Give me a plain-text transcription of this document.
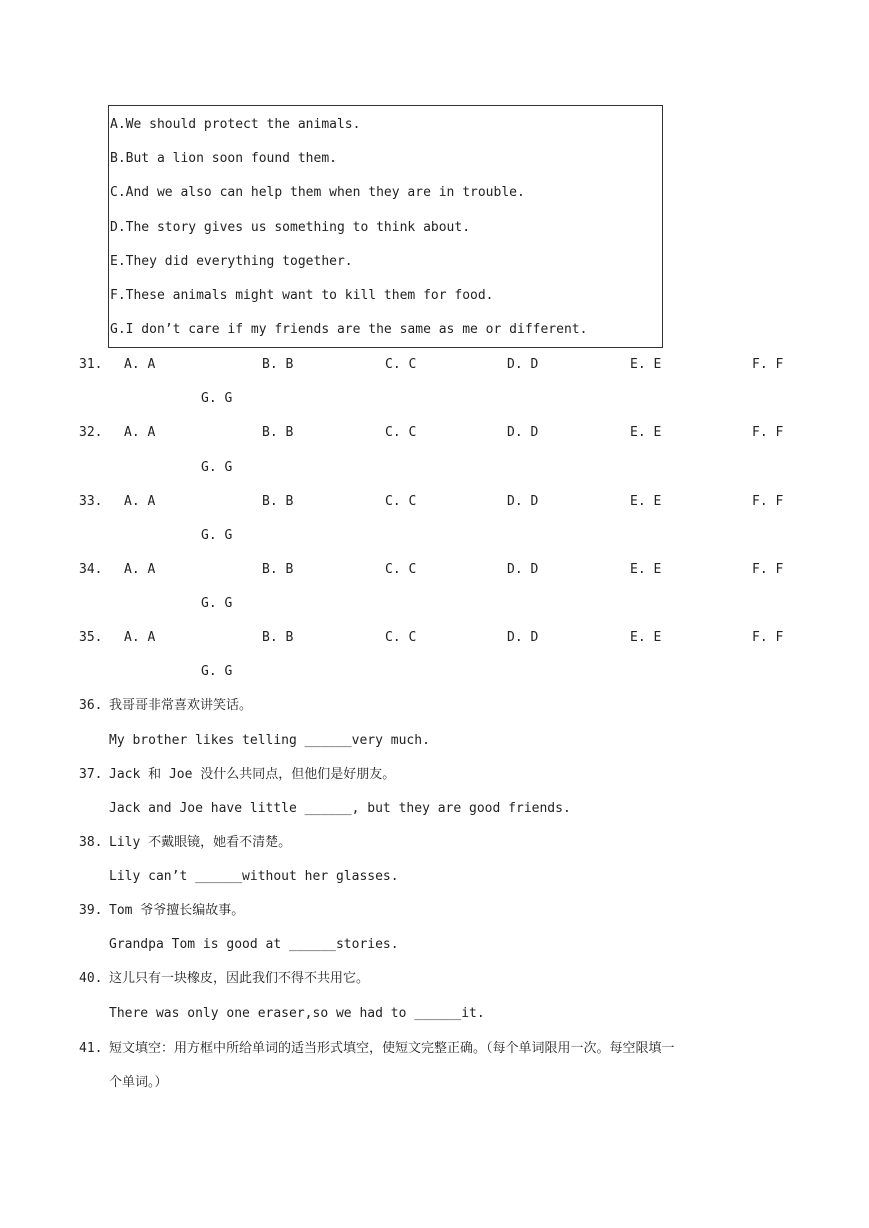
A.We should protect the animals.
B.But a lion soon found them.
C.And we also can help them when they are in trouble.
D.The story gives us something to think about.
E.They did everything together.
F.These animals might want to kill them for food.
G.I don’t care if my friends are the same as me or different.
31. A. A	B. B	C. C	D. D	E. E	F. F
G. G
32. A. A	B. B	C. C	D. D	E. E	F. F
G. G
33. A. A	B. B	C. C	D. D	E. E	F. F
G. G
34. A. A	B. B	C. C	D. D	E. E	F. F
G. G
35. A. A	B. B	C. C	D. D	E. E	F. F
G. G
36. 我哥哥非常喜欢讲笑话。
My brother likes telling ______very much.
37. Jack 和 Joe 没什么共同点，但他们是好朋友。
Jack and Joe have little ______, but they are good friends.
38. Lily 不戴眼镜，她看不清楚。
Lily can’t ______without her glasses.
39. Tom 爷爷擅长编故事。
Grandpa Tom is good at ______stories.
40. 这儿只有一块橡皮，因此我们不得不共用它。
There was only one eraser,so we had to ______it.
41. 短文填空：用方框中所给单词的适当形式填空，使短文完整正确。（每个单词限用一次。每空限填一
个单词。）
